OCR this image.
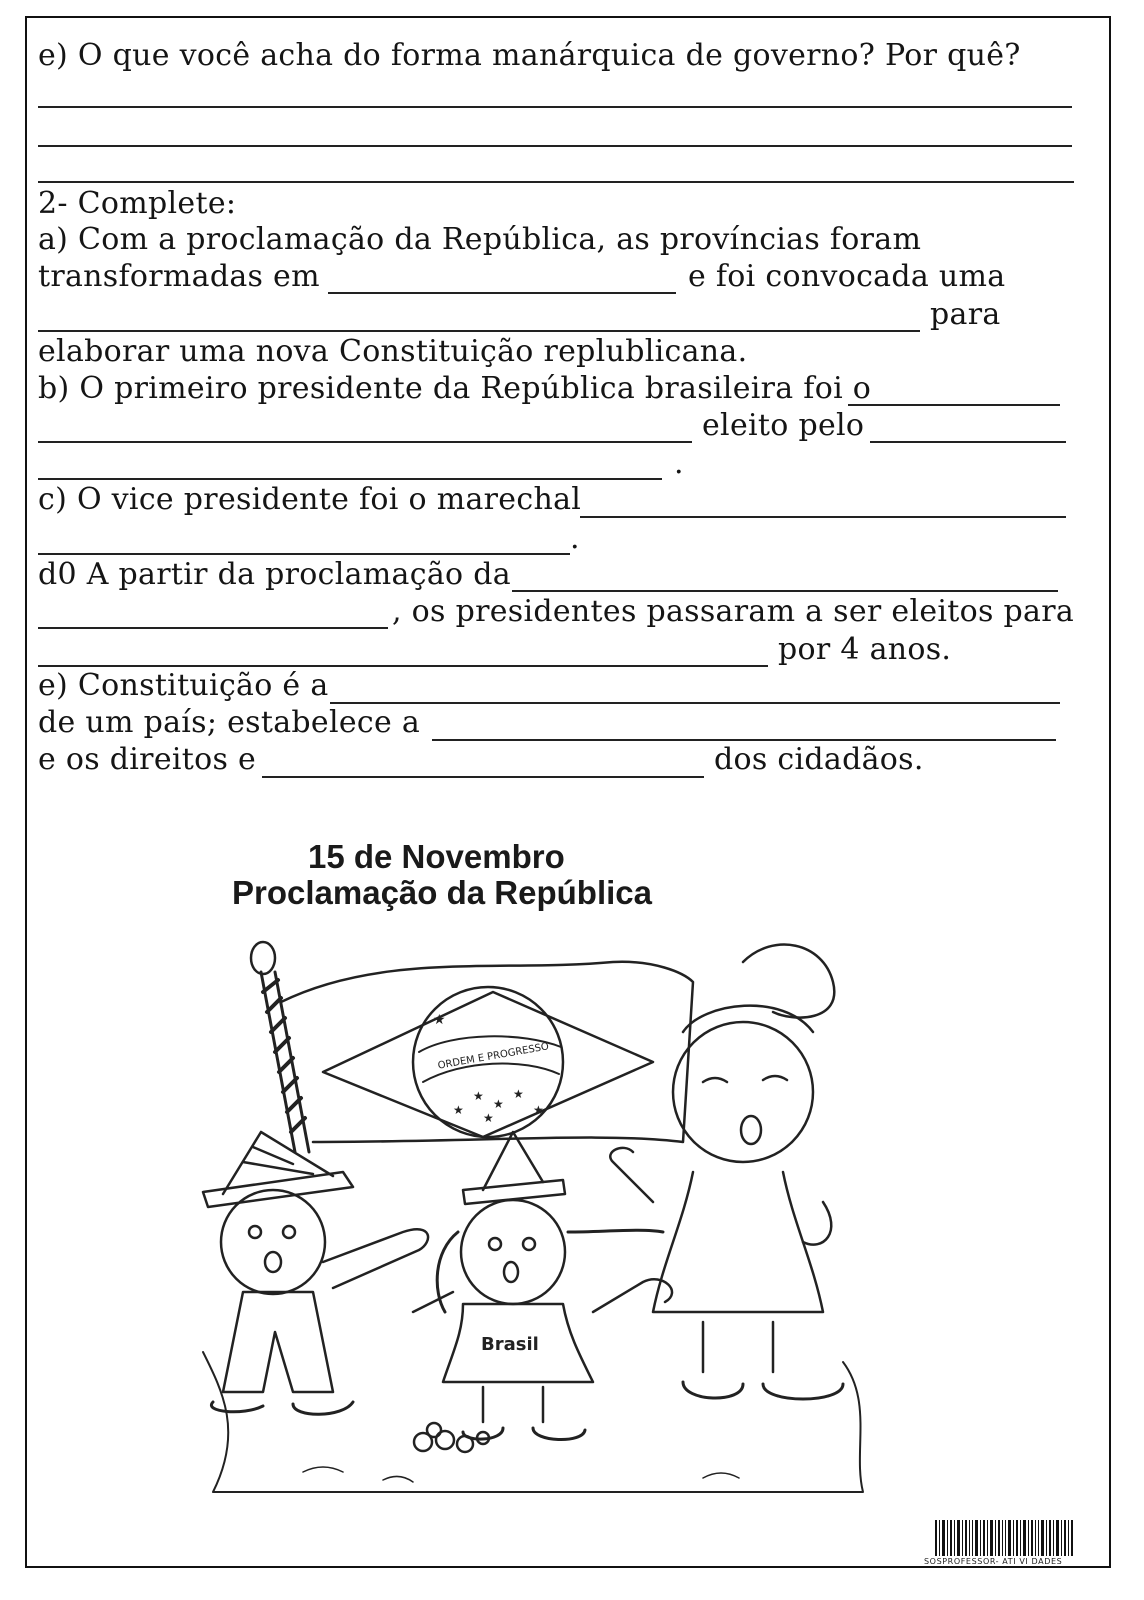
e) O que você acha do forma manárquica de governo? Por quê?
2- Complete:
a) Com a proclamação da República, as províncias foram
transformadas em	e foi convocada uma
para
elaborar uma nova Constituição replublicana.
b) O primeiro presidente da República brasileira foi o
eleito pelo
.
c) O vice presidente foi o marechal
.
d0 A partir da proclamação da
, os presidentes passaram a ser eleitos para
por 4 anos.
e) Constituição é a
de um país; estabelece a
e os direitos e	dos cidadãos.
15 de Novembro
Proclamação da República
ORDEM E PROGRESSO
★
★
★
★
★
★	★
Brasil
SOSPROFESSOR- ATI VI DADES
